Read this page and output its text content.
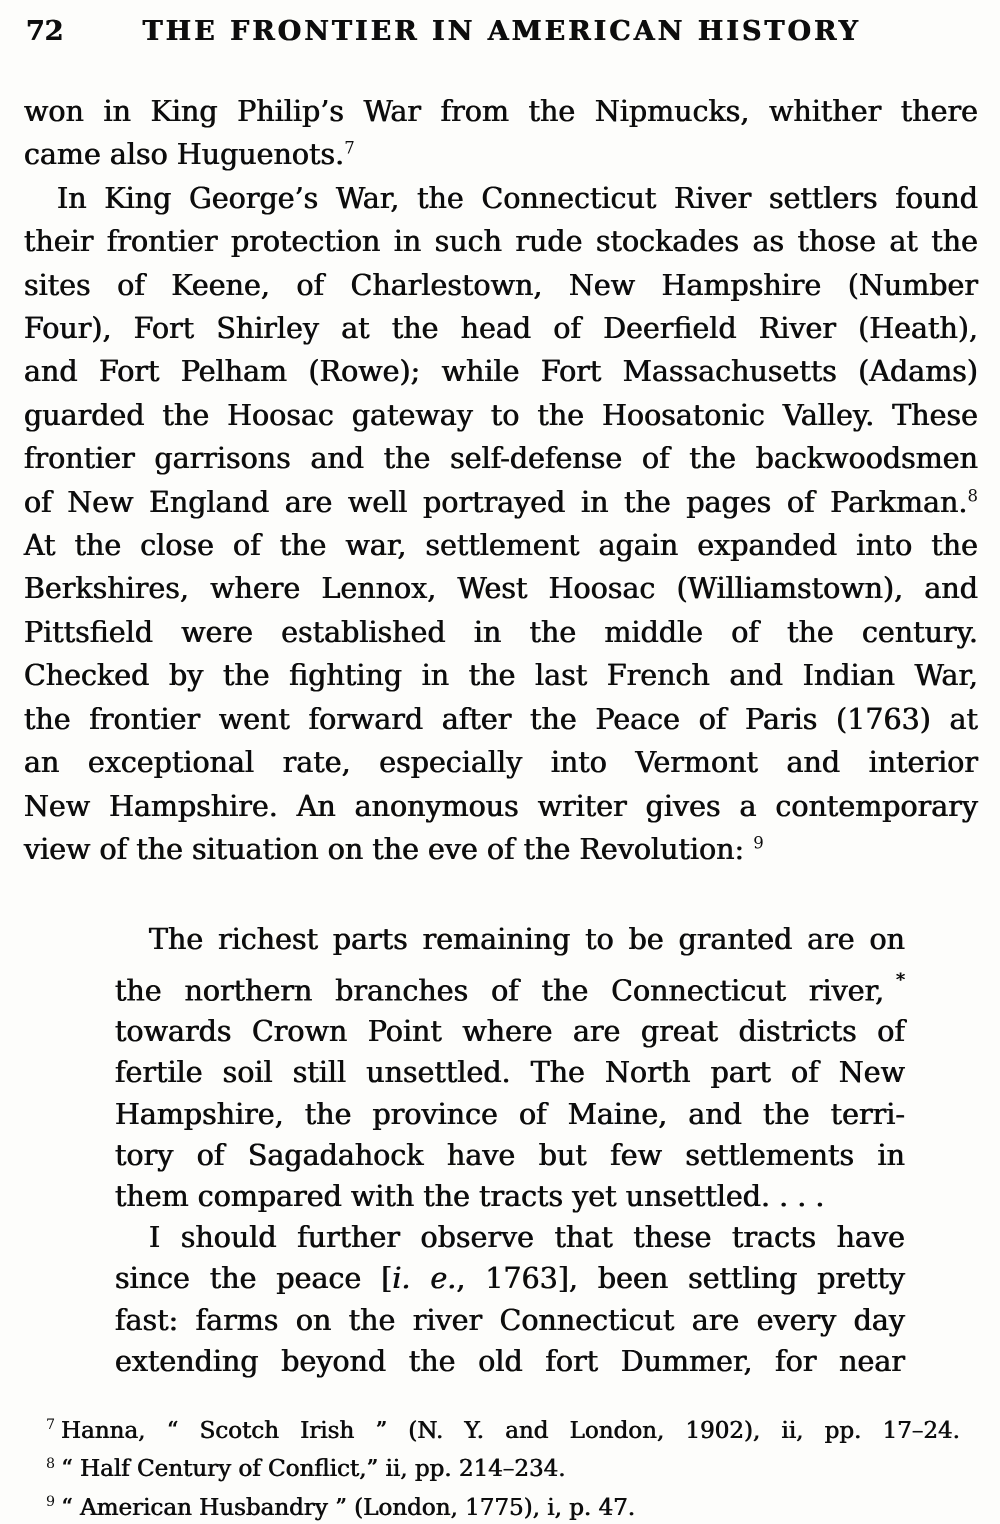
72	THE FRONTIER IN AMERICAN HISTORY
won in King Philip’s War from the Nipmucks, whither there
came also Huguenots.$^7$
In King George’s War, the Connecticut River settlers found
their frontier protection in such rude stockades as those at the
sites of Keene, of Charlestown, New Hampshire (Number
Four), Fort Shirley at the head of Deerfield River (Heath),
and Fort Pelham (Rowe); while Fort Massachusetts (Adams)
guarded the Hoosac gateway to the Hoosatonic Valley. These
frontier garrisons and the self-defense of the backwoodsmen
of New England are well portrayed in the pages of Parkman.$^8$
At the close of the war, settlement again expanded into the
Berkshires, where Lennox, West Hoosac (Williamstown), and
Pittsfield were established in the middle of the century.
Checked by the fighting in the last French and Indian War,
the frontier went forward after the Peace of Paris (1763) at
an exceptional rate, especially into Vermont and interior
New Hampshire. An anonymous writer gives a contemporary
view of the situation on the eve of the Revolution: $^9$
The richest parts remaining to be granted are on
the northern branches of the Connecticut river, *
towards Crown Point where are great districts of
fertile soil still unsettled. The North part of New
Hampshire, the province of Maine, and the terri-
tory of Sagadahock have but few settlements in
them compared with the tracts yet unsettled. . . .
I should further observe that these tracts have
since the peace [i. e., 1763], been settling pretty
fast: farms on the river Connecticut are every day
extending beyond the old fort Dummer, for near
$^7$ Hanna, “ Scotch Irish ” (N. Y. and London, 1902), ii, pp. 17–24.
$^8$ “ Half Century of Conflict,” ii, pp. 214–234.
$^9$ “ American Husbandry ” (London, 1775), i, p. 47.
